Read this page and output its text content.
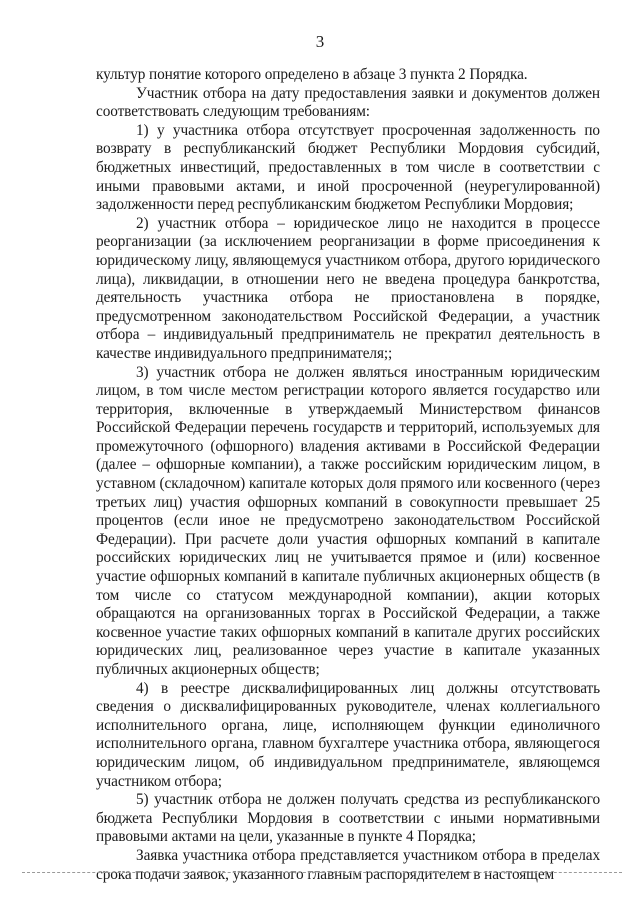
3

культур понятие которого определено в абзаце 3 пункта 2 Порядка.

Участник отбора на дату предоставления заявки и документов должен соответствовать следующим требованиям:

1) у участника отбора отсутствует просроченная задолженность по возврату в республиканский бюджет Республики Мордовия субсидий, бюджетных инвестиций, предоставленных в том числе в соответствии с иными правовыми актами, и иной просроченной (неурегулированной) задолженности перед республиканским бюджетом Республики Мордовия;

2) участник отбора – юридическое лицо не находится в процессе реорганизации (за исключением реорганизации в форме присоединения к юридическому лицу, являющемуся участником отбора, другого юридического лица), ликвидации, в отношении него не введена процедура банкротства, деятельность участника отбора не приостановлена в порядке, предусмотренном законодательством Российской Федерации, а участник отбора – индивидуальный предприниматель не прекратил деятельность в качестве индивидуального предпринимателя;;

3) участник отбора не должен являться иностранным юридическим лицом, в том числе местом регистрации которого является государство или территория, включенные в утверждаемый Министерством финансов Российской Федерации перечень государств и территорий, используемых для промежуточного (офшорного) владения активами в Российской Федерации (далее – офшорные компании), а также российским юридическим лицом, в уставном (складочном) капитале которых доля прямого или косвенного (через третьих лиц) участия офшорных компаний в совокупности превышает 25 процентов (если иное не предусмотрено законодательством Российской Федерации). При расчете доли участия офшорных компаний в капитале российских юридических лиц не учитывается прямое и (или) косвенное участие офшорных компаний в капитале публичных акционерных обществ (в том числе со статусом международной компании), акции которых обращаются на организованных торгах в Российской Федерации, а также косвенное участие таких офшорных компаний в капитале других российских юридических лиц, реализованное через участие в капитале указанных публичных акционерных обществ;

4) в реестре дисквалифицированных лиц должны отсутствовать сведения о дисквалифицированных руководителе, членах коллегиального исполнительного органа, лице, исполняющем функции единоличного исполнительного органа, главном бухгалтере участника отбора, являющегося юридическим лицом, об индивидуальном предпринимателе, являющемся участником отбора;

5) участник отбора не должен получать средства из республиканского бюджета Республики Мордовия в соответствии с иными нормативными правовыми актами на цели, указанные в пункте 4 Порядка;

Заявка участника отбора представляется участником отбора в пределах срока подачи заявок, указанного главным распорядителем в настоящем
